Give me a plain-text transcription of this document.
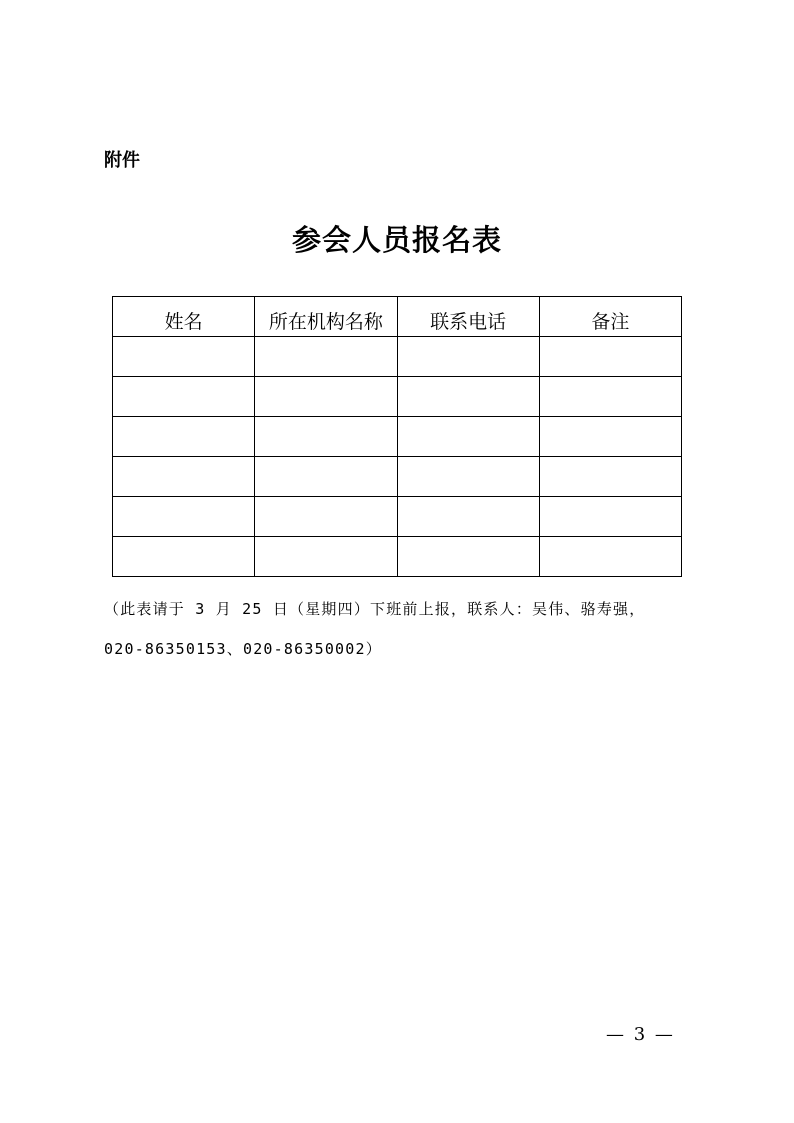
附件
参会人员报名表
姓名	所在机构名称	联系电话	备注

（此表请于 3 月 25 日（星期四）下班前上报，联系人：吴伟、骆寿强，
020-86350153、020-86350002）
— 3 —
